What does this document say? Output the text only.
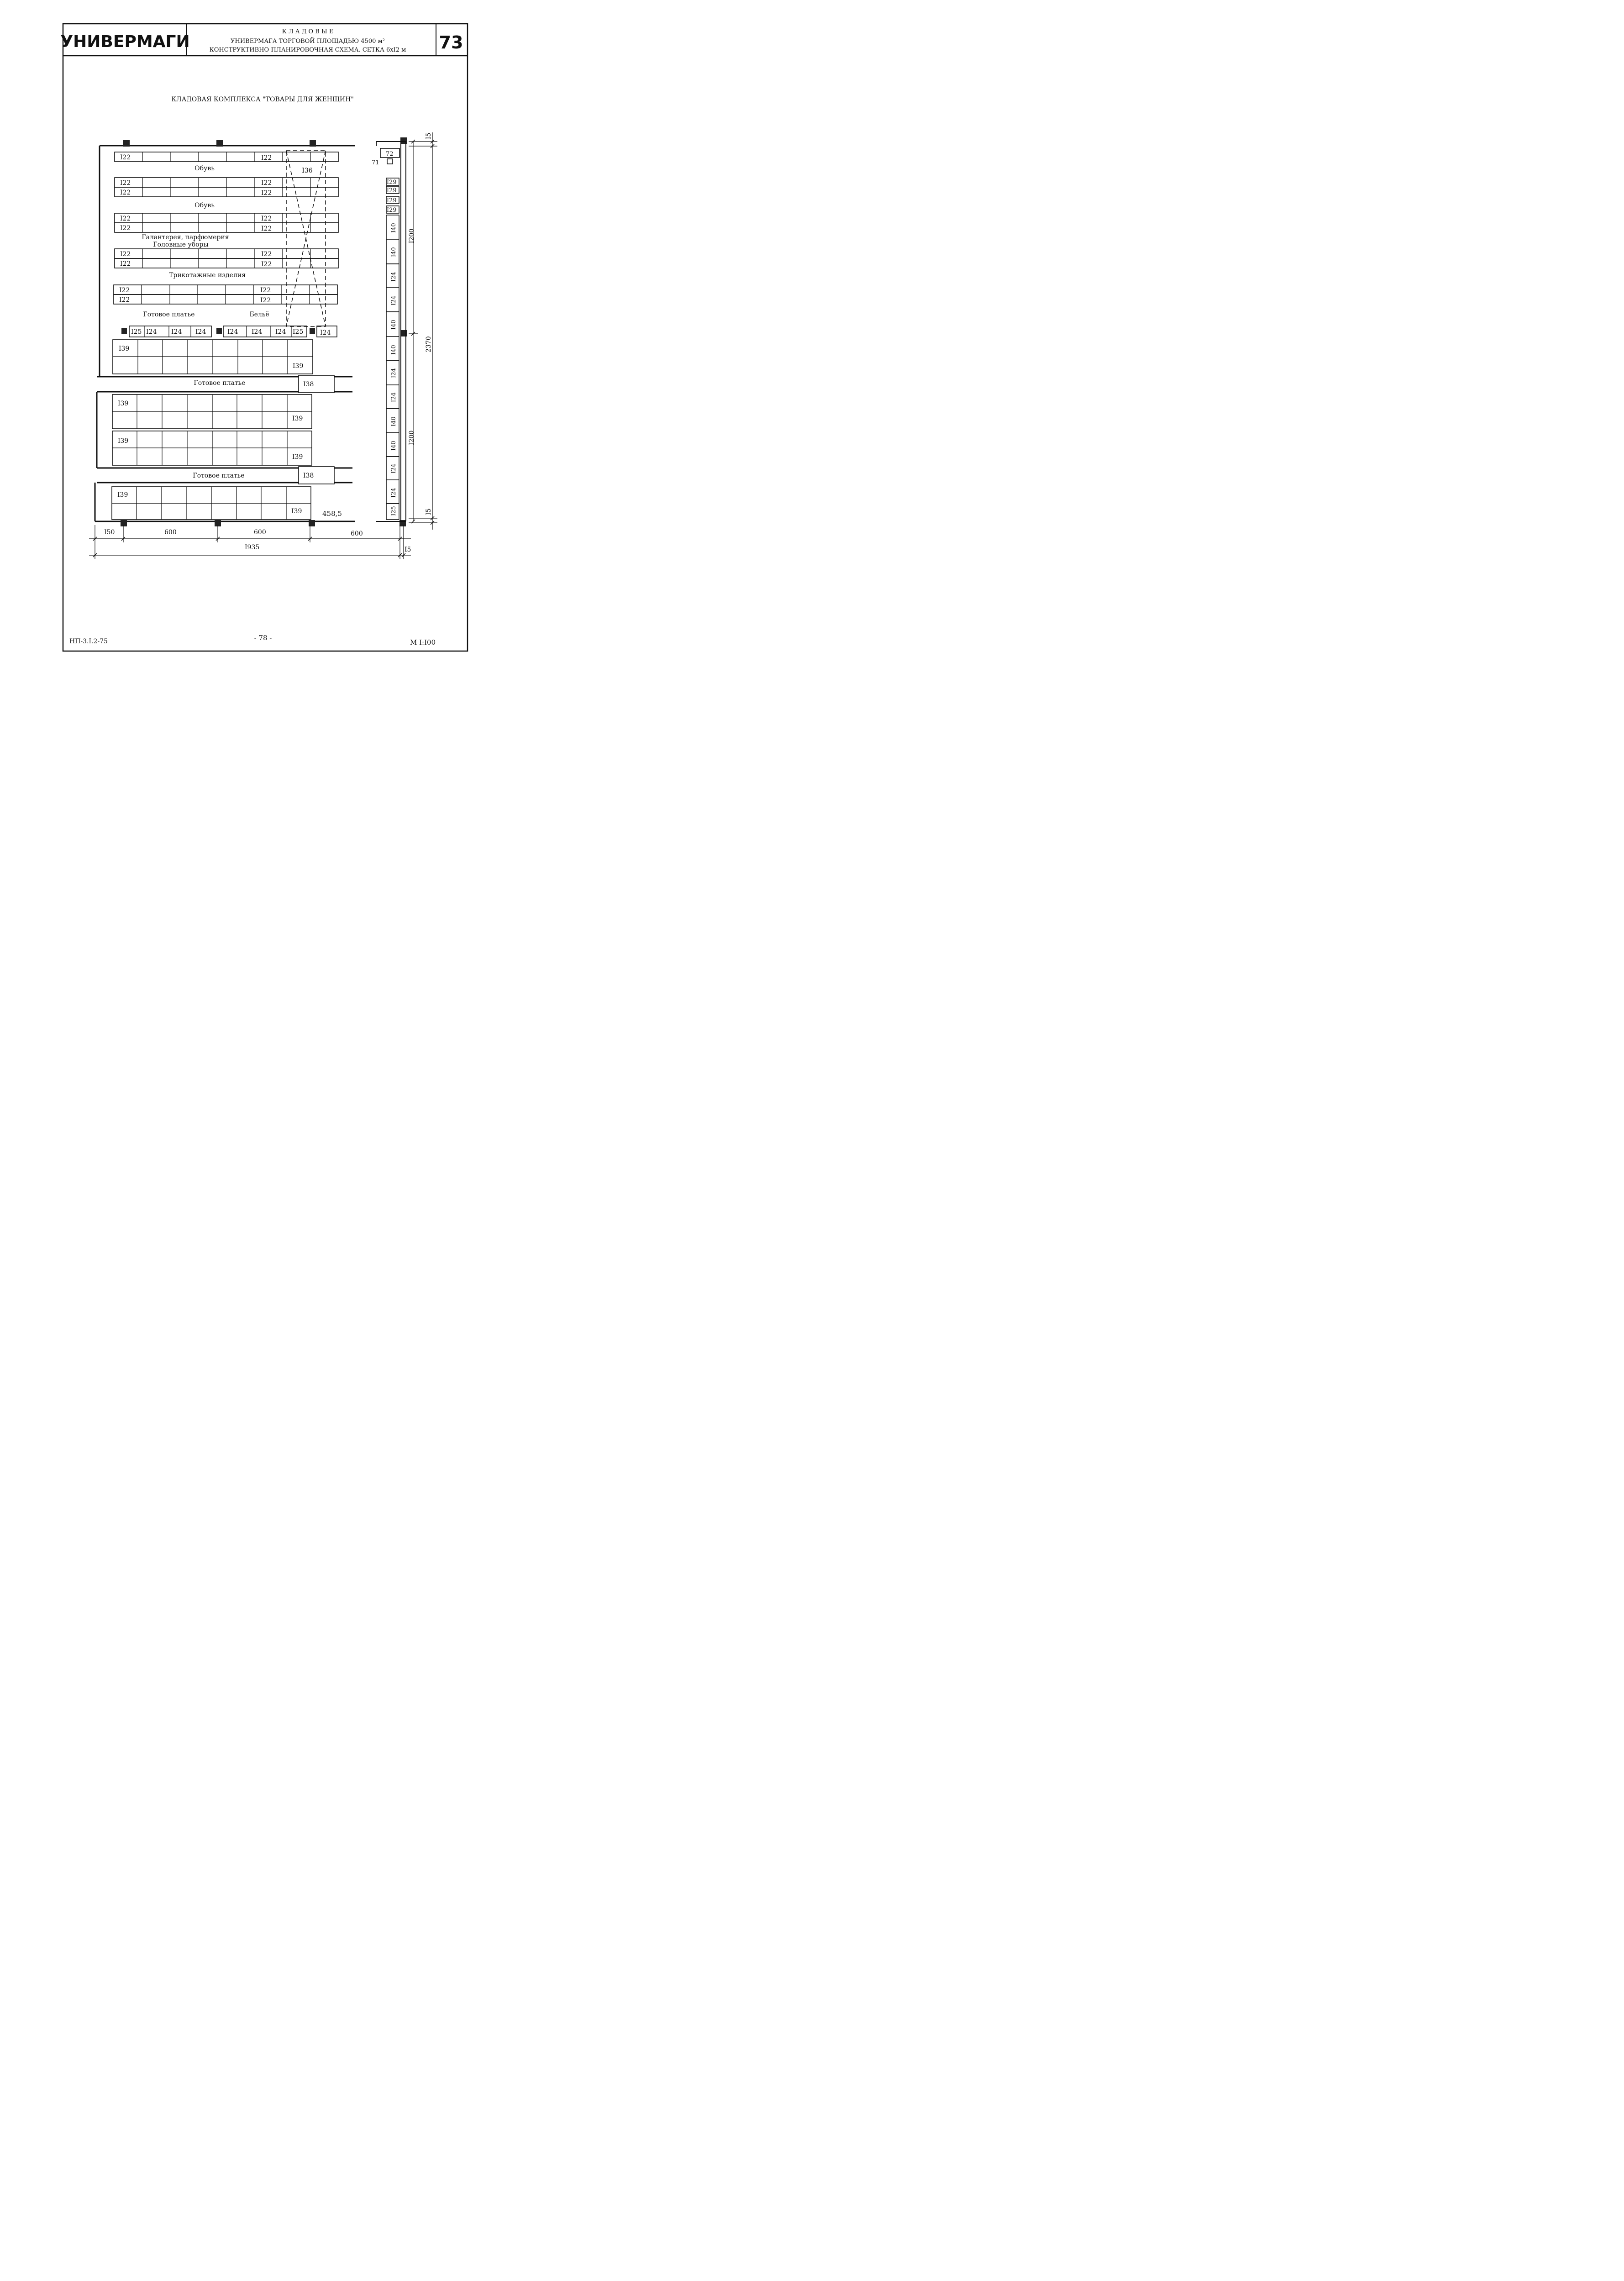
УНИВЕРМАГИ
К Л А Д О В Ы Е
УНИВЕРМАГА ТОРГОВОЙ ПЛОЩАДЬЮ 4500 м²
КОНСТРУКТИВНО-ПЛАНИРОВОЧНАЯ СХЕМА. СЕТКА 6хI2 м 73
КЛАДОВАЯ КОМПЛЕКСА "ТОВАРЫ ДЛЯ ЖЕНЩИН"
I22	I22
I22	I22
I22	I22
I22	I22
I22	I22
I22	I22
I22	I22
I22	I22
I22	I22
Обувь
Обувь
Галантерея, парфюмерия
Головные уборы
Трикотажные изделия
Готовое платье	Бельё
Готовое платье
Готовое платье
I36
I25 I24 I24 I24	I24 I24 I24 I25	I24
I39
I39
I39
I39
I39
I39
I39
I39
I38
I38
458,5
72
71
I29
I29
I29
I29
I40
I40
I24
I24
I40
I40
I24
I24
I40
I40
I24
I24
I25
I50	600	600	600
I935	I5
I5
I200
2370
I200
I5
НП-3.I.2-75	- 78 -
М I:I00
